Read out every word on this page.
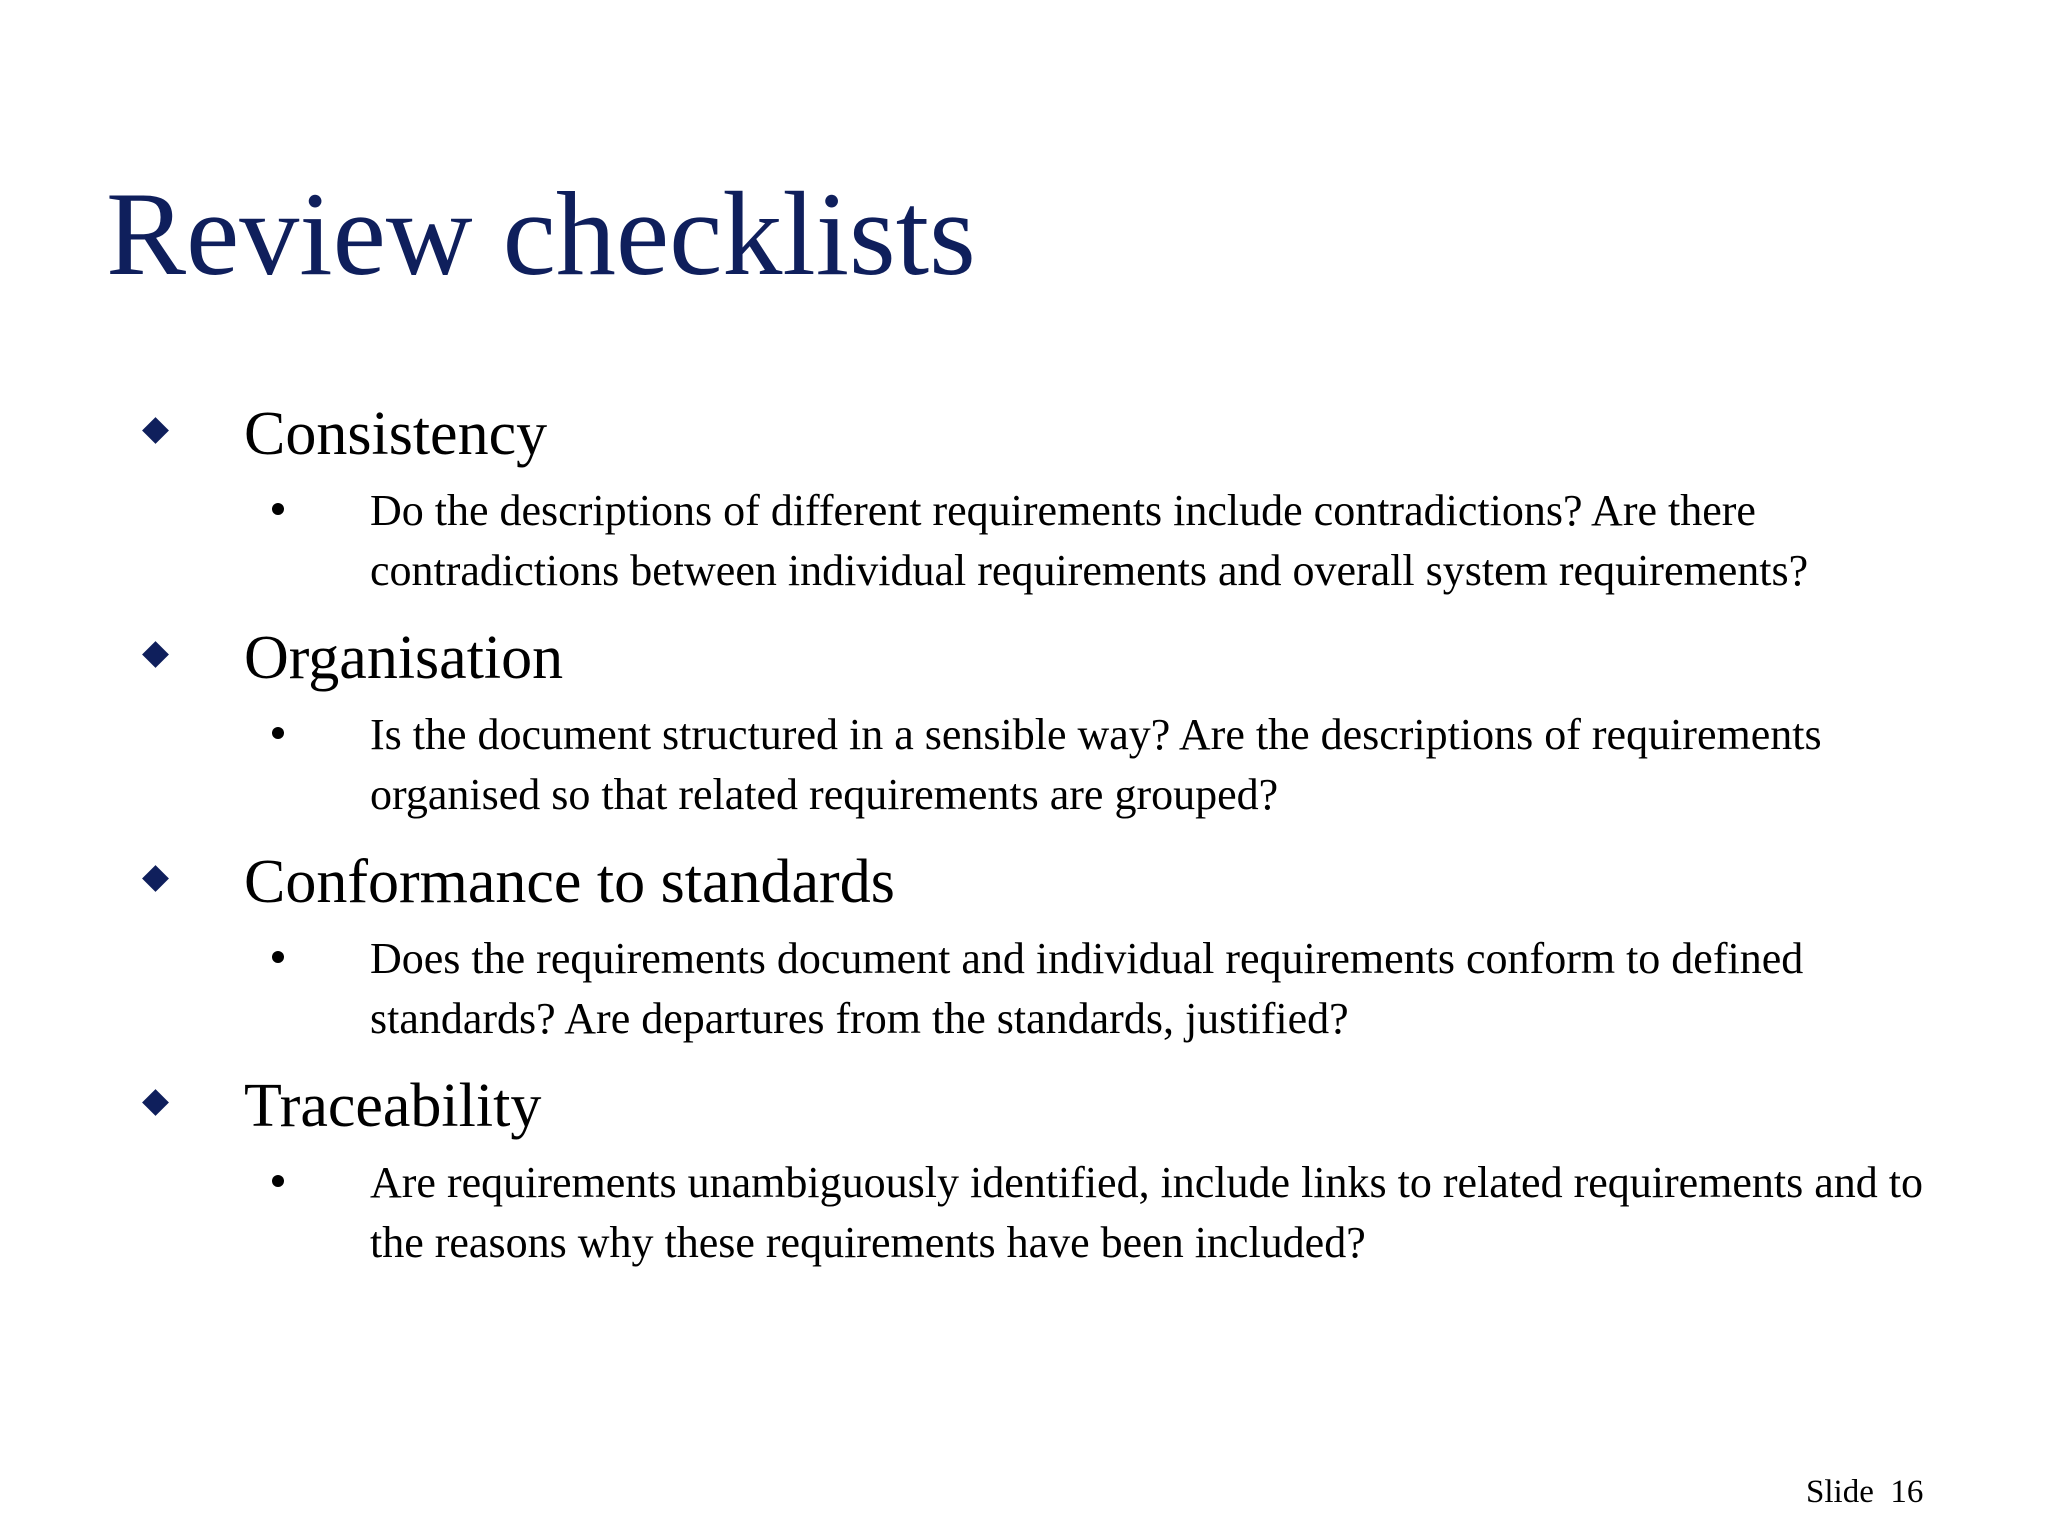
Review checklists
Consistency
Do the descriptions of different requirements include contradictions? Are there contradictions between individual requirements and overall system requirements?
Organisation
Is the document structured in a sensible way? Are the descriptions of requirements organised so that related requirements are grouped?
Conformance to standards
Does the requirements document and individual requirements conform to defined standards? Are departures from the standards, justified?
Traceability
Are requirements unambiguously identified, include links to related requirements and to the reasons why these requirements have been included?
Slide 16
